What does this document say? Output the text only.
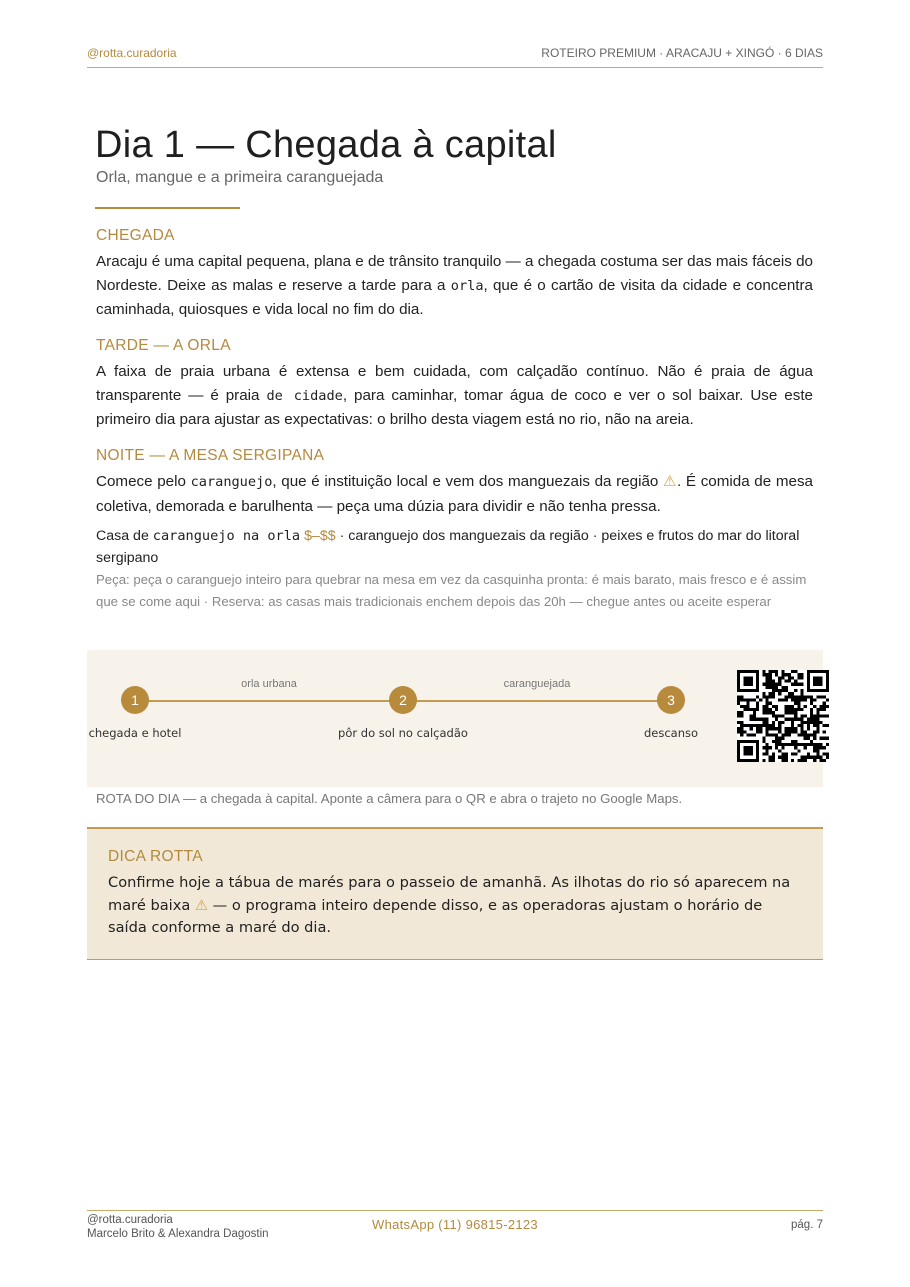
@rotta.curadoria	ROTEIRO PREMIUM · ARACAJU + XINGÓ · 6 DIAS
Dia 1 — Chegada à capital
Orla, mangue e a primeira caranguejada
CHEGADA

Aracaju é uma capital pequena, plana e de trânsito tranquilo — a chegada costuma ser das mais fáceis do Nordeste. Deixe as malas e reserve a tarde para a orla, que é o cartão de visita da cidade e concentra caminhada, quiosques e vida local no fim do dia.

TARDE — A ORLA

A faixa de praia urbana é extensa e bem cuidada, com calçadão contínuo. Não é praia de água transparente — é praia de cidade, para caminhar, tomar água de coco e ver o sol baixar. Use este primeiro dia para ajustar as expectativas: o brilho desta viagem está no rio, não na areia.

NOITE — A MESA SERGIPANA

Comece pelo caranguejo, que é instituição local e vem dos manguezais da região ⚠. É comida de mesa coletiva, demorada e barulhenta — peça uma dúzia para dividir e não tenha pressa.

Casa de caranguejo na orla $–$$ · caranguejo dos manguezais da região · peixes e frutos do mar do litoral sergipano

Peça: peça o caranguejo inteiro para quebrar na mesa em vez da casquinha pronta: é mais barato, mais fresco e é assim que se come aqui · Reserva: as casas mais tradicionais enchem depois das 20h — chegue antes ou aceite esperar

orla urbana	caranguejada
1	2	3
chegada e hotel	pôr do sol no calçadão	descanso
ROTA DO DIA — a chegada à capital. Aponte a câmera para o QR e abra o trajeto no Google Maps.
DICA ROTTA

Confirme hoje a tábua de marés para o passeio de amanhã. As ilhotas do rio só aparecem na maré baixa ⚠ — o programa inteiro depende disso, e as operadoras ajustam o horário de saída conforme a maré do dia.

@rotta.curadoria
Marcelo Brito & Alexandra Dagostin
WhatsApp (11) 96815-2123	pág. 7
